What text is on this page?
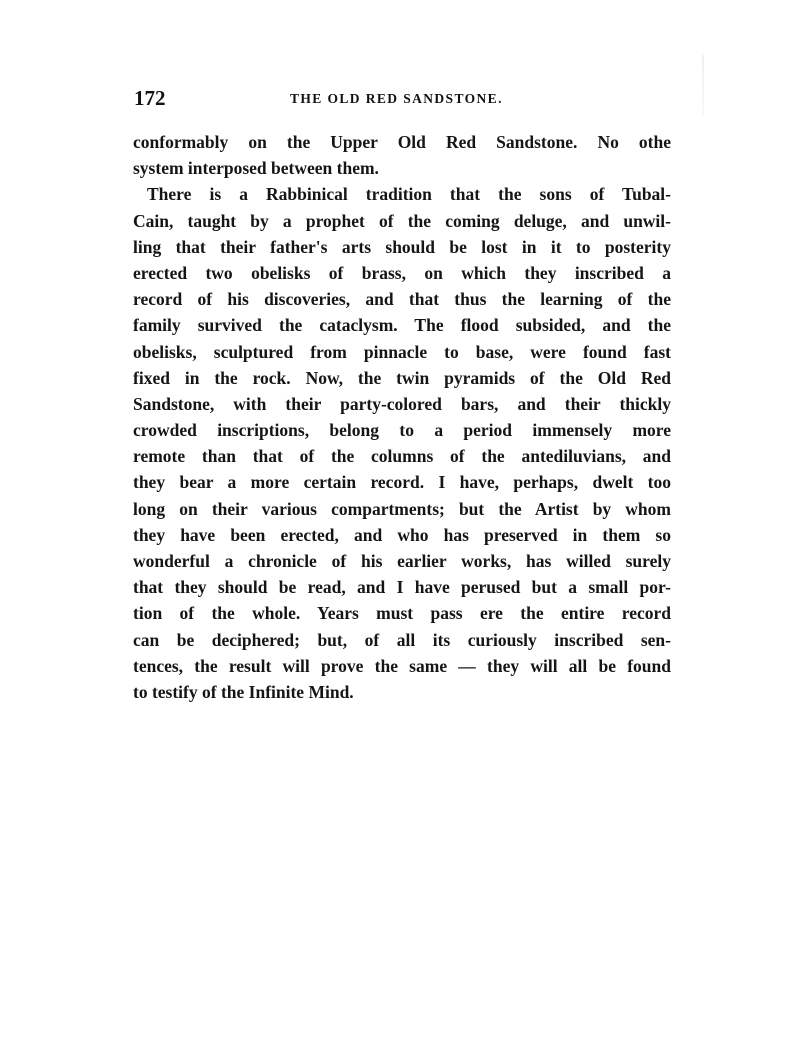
172	THE OLD RED SANDSTONE.
conformably on the Upper Old Red Sandstone. No othe
system interposed between them.
There is a Rabbinical tradition that the sons of Tubal-
Cain, taught by a prophet of the coming deluge, and unwil-
ling that their father's arts should be lost in it to posterity
erected two obelisks of brass, on which they inscribed a
record of his discoveries, and that thus the learning of the
family survived the cataclysm. The flood subsided, and the
obelisks, sculptured from pinnacle to base, were found fast
fixed in the rock. Now, the twin pyramids of the Old Red
Sandstone, with their party-colored bars, and their thickly
crowded inscriptions, belong to a period immensely more
remote than that of the columns of the antediluvians, and
they bear a more certain record. I have, perhaps, dwelt too
long on their various compartments; but the Artist by whom
they have been erected, and who has preserved in them so
wonderful a chronicle of his earlier works, has willed surely
that they should be read, and I have perused but a small por-
tion of the whole. Years must pass ere the entire record
can be deciphered; but, of all its curiously inscribed sen-
tences, the result will prove the same — they will all be found
to testify of the Infinite Mind.
